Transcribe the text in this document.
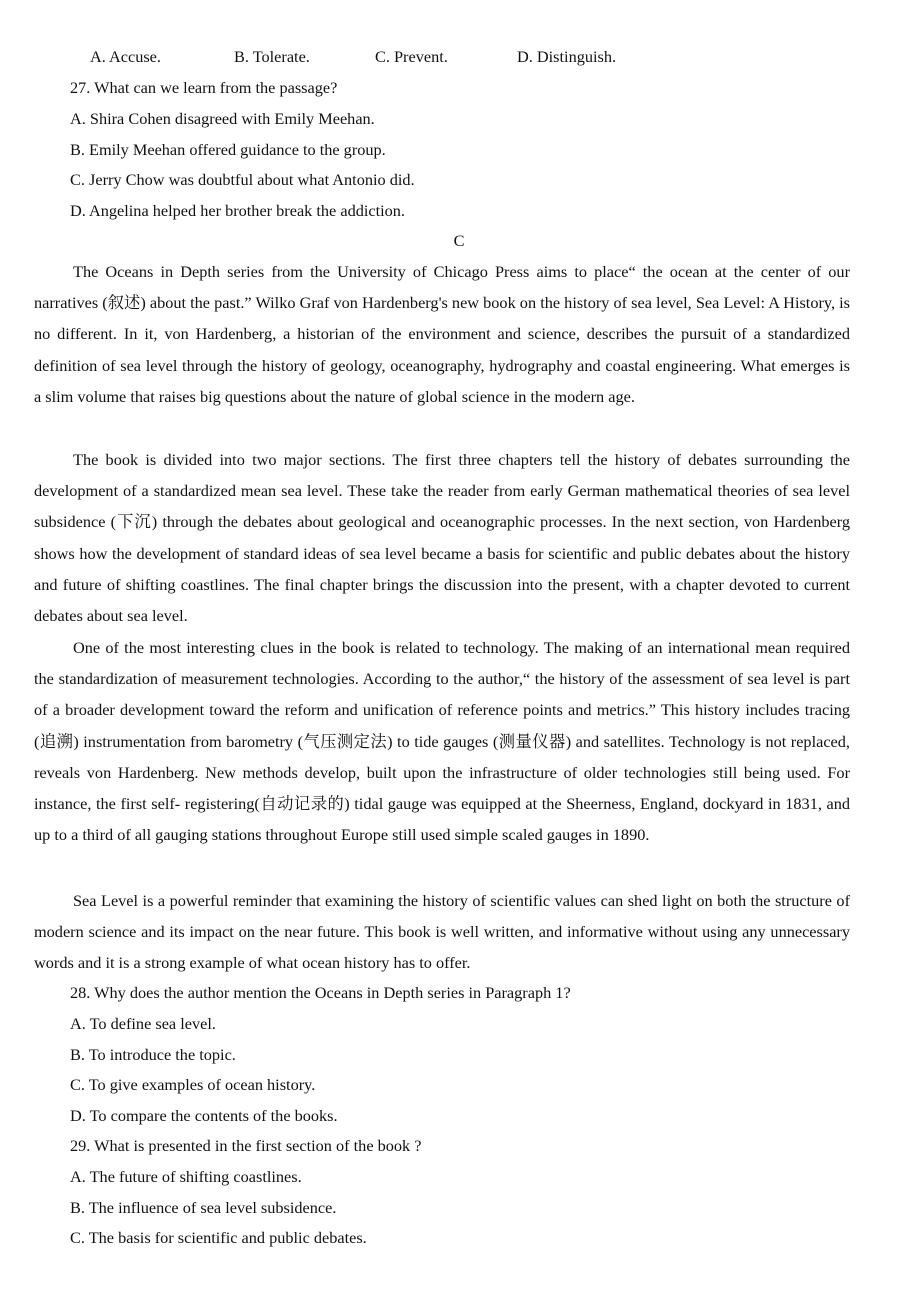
A. Accuse.	B. Tolerate.	C. Prevent.	D. Distinguish.
27. What can we learn from the passage?
A. Shira Cohen disagreed with Emily Meehan.
B. Emily Meehan offered guidance to the group.
C. Jerry Chow was doubtful about what Antonio did.
D. Angelina helped her brother break the addiction.
C
The Oceans in Depth series from the University of Chicago Press aims to place“ the ocean at the center of our narratives (叙述) about the past.” Wilko Graf von Hardenberg's new book on the history of sea level, Sea Level: A History, is no different. In it, von Hardenberg, a historian of the environment and science, describes the pursuit of a standardized definition of sea level through the history of geology, oceanography, hydrography and coastal engineering. What emerges is a slim volume that raises big questions about the nature of global science in the modern age.
The book is divided into two major sections. The first three chapters tell the history of debates surrounding the development of a standardized mean sea level. These take the reader from early German mathematical theories of sea level subsidence (下沉) through the debates about geological and oceanographic processes. In the next section, von Hardenberg shows how the development of standard ideas of sea level became a basis for scientific and public debates about the history and future of shifting coastlines. The final chapter brings the discussion into the present, with a chapter devoted to current debates about sea level.
One of the most interesting clues in the book is related to technology. The making of an international mean required the standardization of measurement technologies. According to the author,“ the history of the assessment of sea level is part of a broader development toward the reform and unification of reference points and metrics.” This history includes tracing (追溯) instrumentation from barometry (气压测定法) to tide gauges (测量仪器) and satellites. Technology is not replaced, reveals von Hardenberg. New methods develop, built upon the infrastructure of older technologies still being used. For instance, the first self- registering(自动记录的) tidal gauge was equipped at the Sheerness, England, dockyard in 1831, and up to a third of all gauging stations throughout Europe still used simple scaled gauges in 1890.
Sea Level is a powerful reminder that examining the history of scientific values can shed light on both the structure of modern science and its impact on the near future. This book is well written, and informative without using any unnecessary words and it is a strong example of what ocean history has to offer.
28. Why does the author mention the Oceans in Depth series in Paragraph 1?
A. To define sea level.
B. To introduce the topic.
C. To give examples of ocean history.
D. To compare the contents of the books.
29. What is presented in the first section of the book ?
A. The future of shifting coastlines.
B. The influence of sea level subsidence.
C. The basis for scientific and public debates.
